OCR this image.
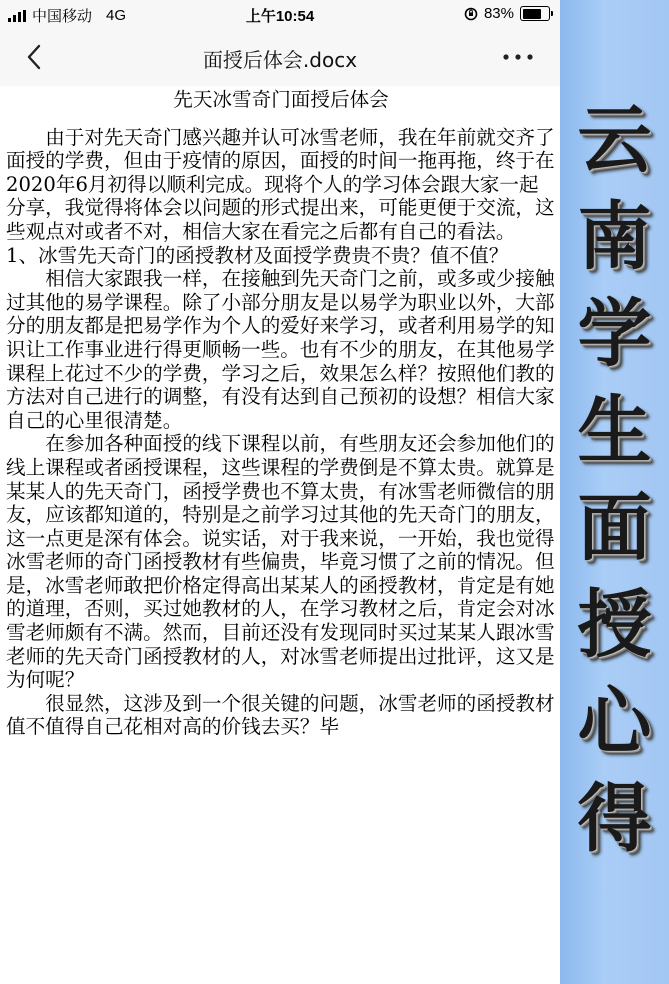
中国移动 4G	上午10:54	83%
面授后体会.docx
先天冰雪奇门面授后体会

由于对先天奇门感兴趣并认可冰雪老师，我在年前就交齐了面授的学费，但由于疫情的原因，面授的时间一拖再拖，终于在2020年6月初得以顺利完成。现将个人的学习体会跟大家一起分享，我觉得将体会以问题的形式提出来，可能更便于交流，这些观点对或者不对，相信大家在看完之后都有自己的看法。

1、冰雪先天奇门的函授教材及面授学费贵不贵？值不值？

相信大家跟我一样，在接触到先天奇门之前，或多或少接触过其他的易学课程。除了小部分朋友是以易学为职业以外，大部分的朋友都是把易学作为个人的爱好来学习，或者利用易学的知识让工作事业进行得更顺畅一些。也有不少的朋友，在其他易学课程上花过不少的学费，学习之后，效果怎么样？按照他们教的方法对自己进行的调整，有没有达到自己预初的设想？相信大家自己的心里很清楚。

在参加各种面授的线下课程以前，有些朋友还会参加他们的线上课程或者函授课程，这些课程的学费倒是不算太贵。就算是某某人的先天奇门，函授学费也不算太贵，有冰雪老师微信的朋友，应该都知道的，特别是之前学习过其他的先天奇门的朋友，这一点更是深有体会。说实话，对于我来说，一开始，我也觉得冰雪老师的奇门函授教材有些偏贵，毕竟习惯了之前的情况。但是，冰雪老师敢把价格定得高出某某人的函授教材，肯定是有她的道理，否则，买过她教材的人，在学习教材之后，肯定会对冰雪老师颇有不满。然而，目前还没有发现同时买过某某人跟冰雪老师的先天奇门函授教材的人，对冰雪老师提出过批评，这又是为何呢？

很显然，这涉及到一个很关键的问题，冰雪老师的函授教材值不值得自己花相对高的价钱去买？毕

云
南
学
生
面
授
心
得
